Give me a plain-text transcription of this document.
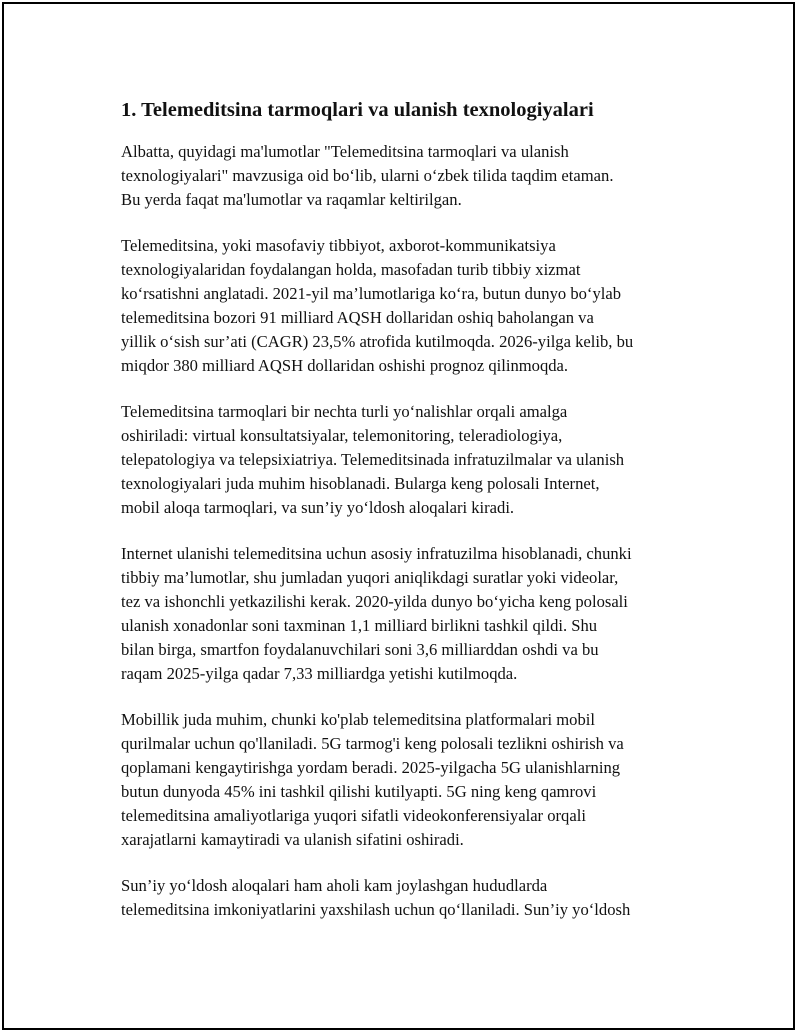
1. Telemeditsina tarmoqlari va ulanish texnologiyalari

Albatta, quyidagi ma'lumotlar "Telemeditsina tarmoqlari va ulanish
texnologiyalari" mavzusiga oid bo‘lib, ularni o‘zbek tilida taqdim etaman.
Bu yerda faqat ma'lumotlar va raqamlar keltirilgan.

Telemeditsina, yoki masofaviy tibbiyot, axborot-kommunikatsiya
texnologiyalaridan foydalangan holda, masofadan turib tibbiy xizmat
ko‘rsatishni anglatadi. 2021-yil ma’lumotlariga ko‘ra, butun dunyo bo‘ylab
telemeditsina bozori 91 milliard AQSH dollaridan oshiq baholangan va
yillik o‘sish sur’ati (CAGR) 23,5% atrofida kutilmoqda. 2026-yilga kelib, bu
miqdor 380 milliard AQSH dollaridan oshishi prognoz qilinmoqda.

Telemeditsina tarmoqlari bir nechta turli yo‘nalishlar orqali amalga
oshiriladi: virtual konsultatsiyalar, telemonitoring, teleradiologiya,
telepatologiya va telepsixiatriya. Telemeditsinada infratuzilmalar va ulanish
texnologiyalari juda muhim hisoblanadi. Bularga keng polosali Internet,
mobil aloqa tarmoqlari, va sun’iy yo‘ldosh aloqalari kiradi.

Internet ulanishi telemeditsina uchun asosiy infratuzilma hisoblanadi, chunki
tibbiy ma’lumotlar, shu jumladan yuqori aniqlikdagi suratlar yoki videolar,
tez va ishonchli yetkazilishi kerak. 2020-yilda dunyo bo‘yicha keng polosali
ulanish xonadonlar soni taxminan 1,1 milliard birlikni tashkil qildi. Shu
bilan birga, smartfon foydalanuvchilari soni 3,6 milliarddan oshdi va bu
raqam 2025-yilga qadar 7,33 milliardga yetishi kutilmoqda.

Mobillik juda muhim, chunki ko'plab telemeditsina platformalari mobil
qurilmalar uchun qo'llaniladi. 5G tarmog'i keng polosali tezlikni oshirish va
qoplamani kengaytirishga yordam beradi. 2025-yilgacha 5G ulanishlarning
butun dunyoda 45% ini tashkil qilishi kutilyapti. 5G ning keng qamrovi
telemeditsina amaliyotlariga yuqori sifatli videokonferensiyalar orqali
xarajatlarni kamaytiradi va ulanish sifatini oshiradi.

Sun’iy yo‘ldosh aloqalari ham aholi kam joylashgan hududlarda
telemeditsina imkoniyatlarini yaxshilash uchun qo‘llaniladi. Sun’iy yo‘ldosh
